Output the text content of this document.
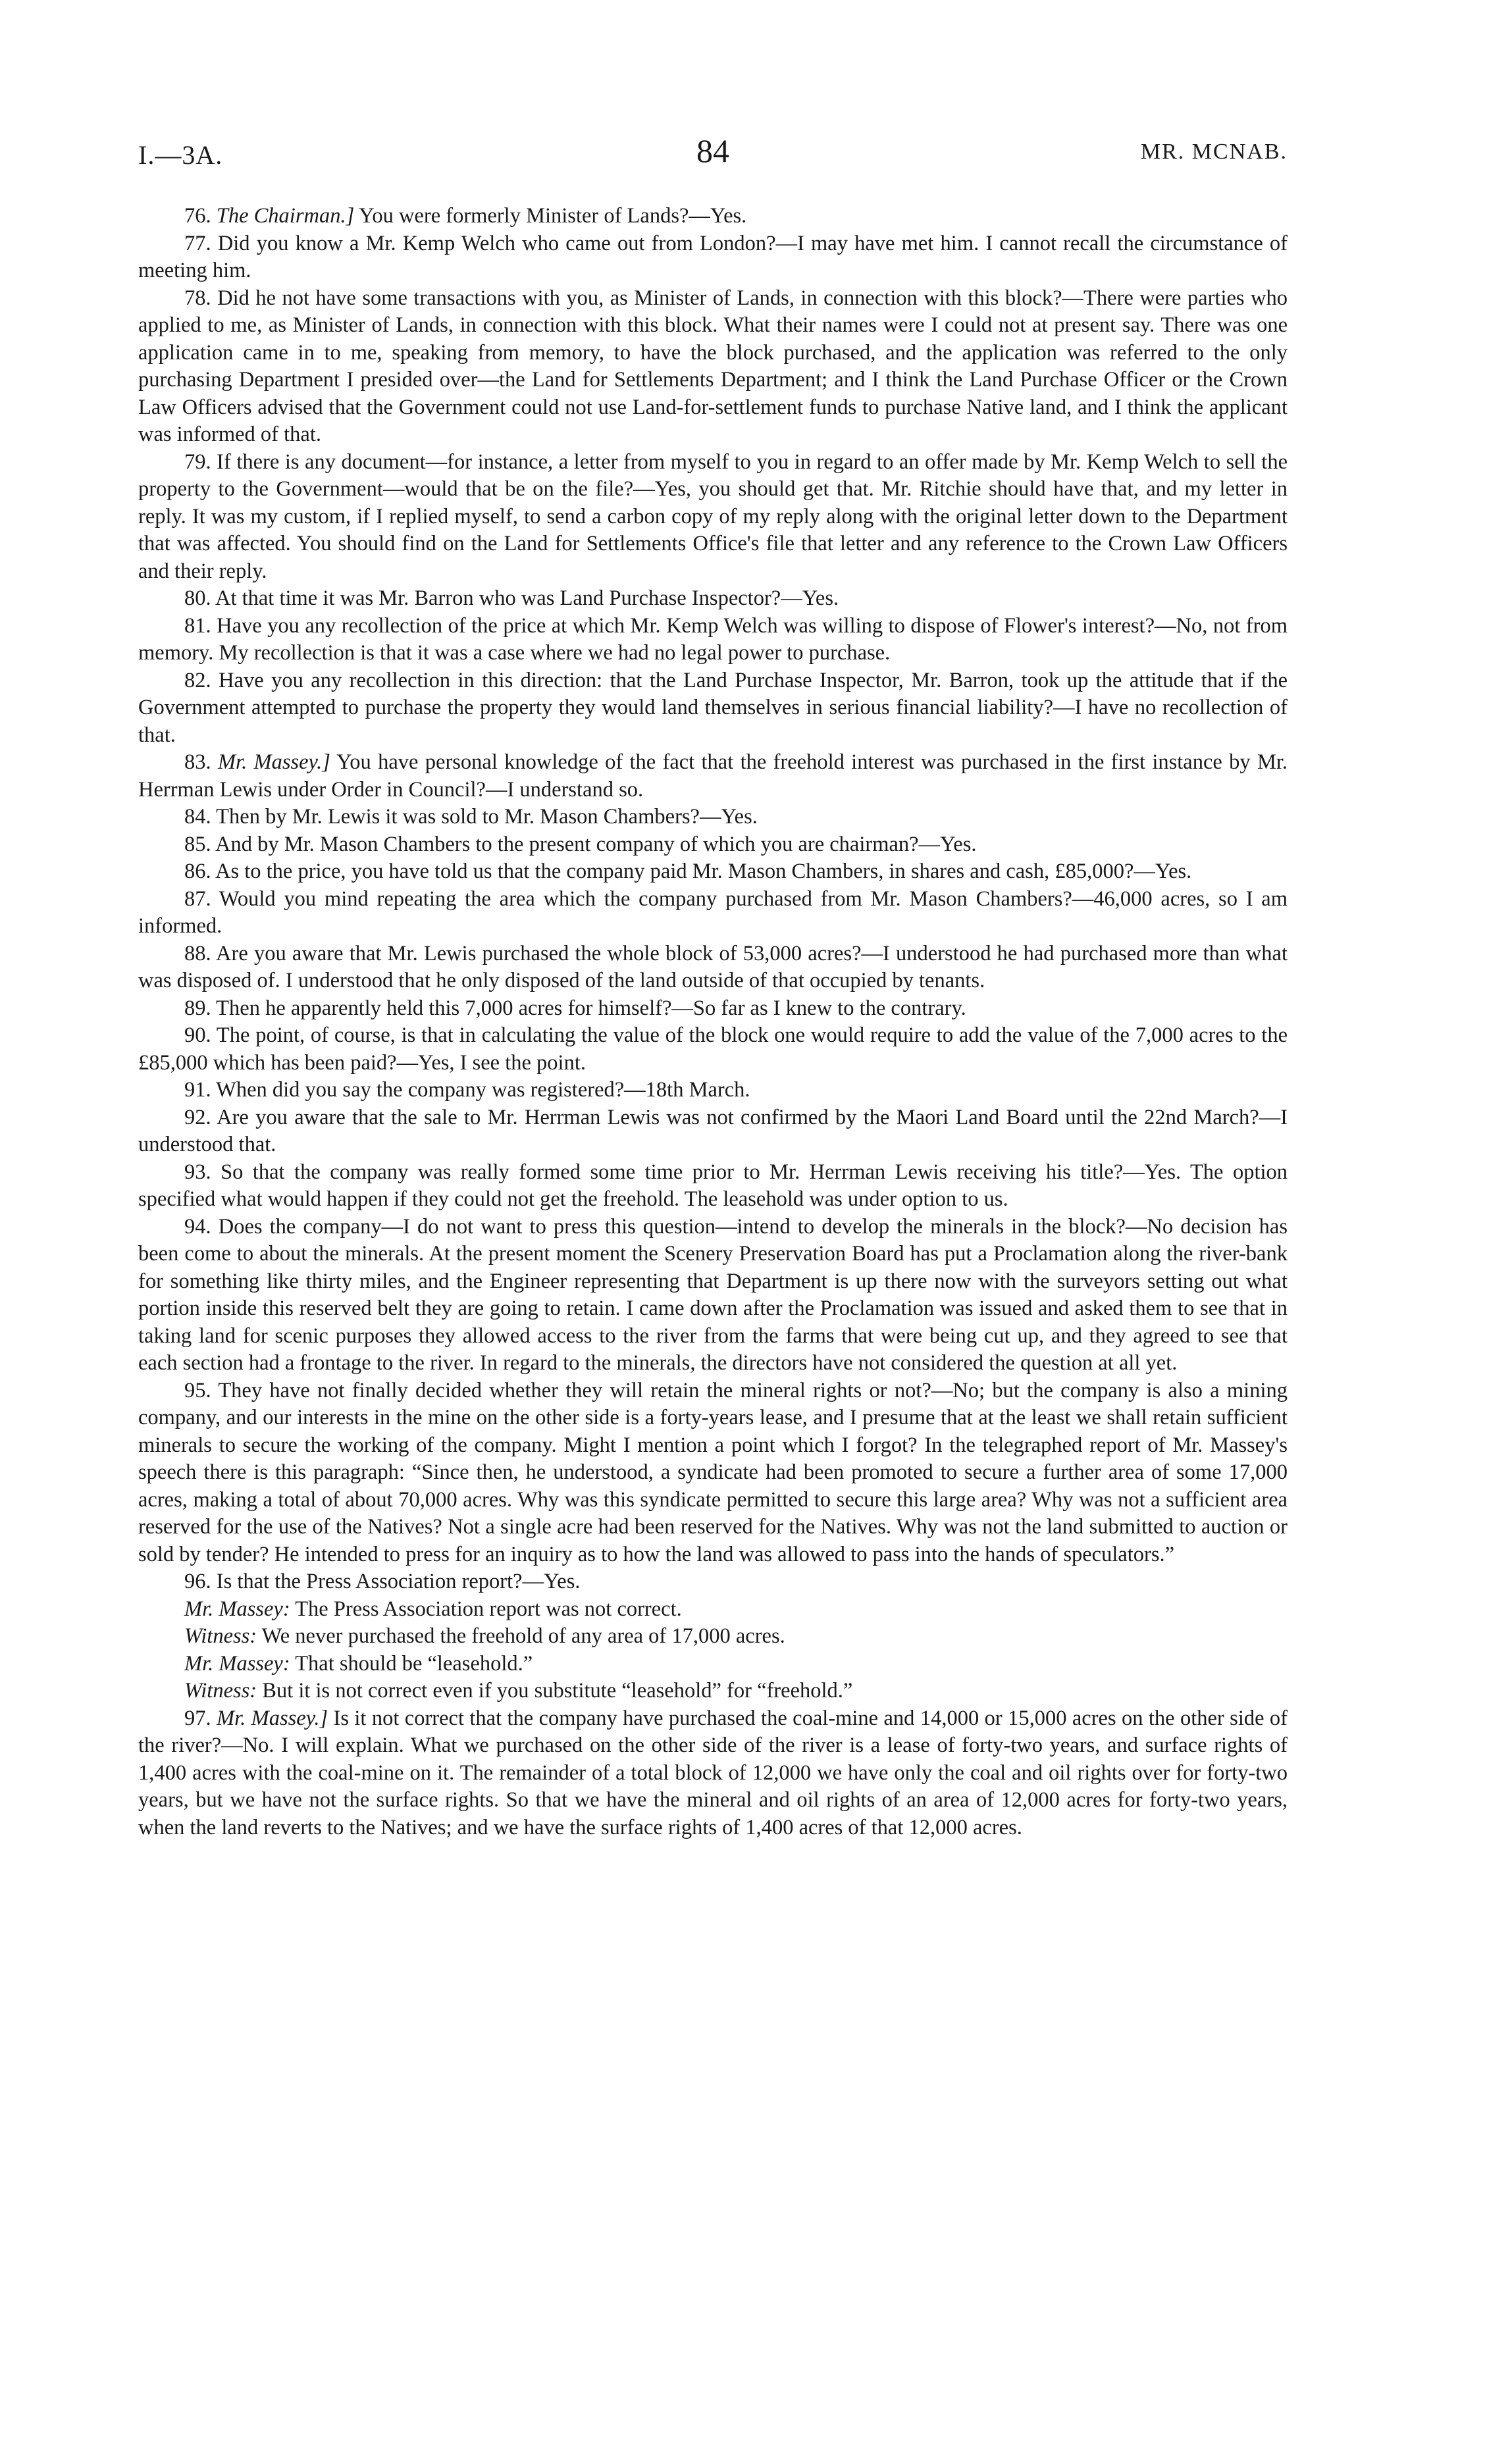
I.—3A.	84	MR. MCNAB.

76. The Chairman.] You were formerly Minister of Lands?—Yes.

77. Did you know a Mr. Kemp Welch who came out from London?—I may have met him. I cannot recall the circumstance of meeting him.

78. Did he not have some transactions with you, as Minister of Lands, in connection with this block?—There were parties who applied to me, as Minister of Lands, in connection with this block. What their names were I could not at present say. There was one application came in to me, speaking from memory, to have the block purchased, and the application was referred to the only purchasing Department I presided over—the Land for Settlements Department; and I think the Land Purchase Officer or the Crown Law Officers advised that the Government could not use Land-for-settlement funds to purchase Native land, and I think the applicant was informed of that.

79. If there is any document—for instance, a letter from myself to you in regard to an offer made by Mr. Kemp Welch to sell the property to the Government—would that be on the file?—Yes, you should get that. Mr. Ritchie should have that, and my letter in reply. It was my custom, if I replied myself, to send a carbon copy of my reply along with the original letter down to the Department that was affected. You should find on the Land for Settlements Office's file that letter and any reference to the Crown Law Officers and their reply.

80. At that time it was Mr. Barron who was Land Purchase Inspector?—Yes.

81. Have you any recollection of the price at which Mr. Kemp Welch was willing to dispose of Flower's interest?—No, not from memory. My recollection is that it was a case where we had no legal power to purchase.

82. Have you any recollection in this direction: that the Land Purchase Inspector, Mr. Barron, took up the attitude that if the Government attempted to purchase the property they would land themselves in serious financial liability?—I have no recollection of that.

83. Mr. Massey.] You have personal knowledge of the fact that the freehold interest was purchased in the first instance by Mr. Herrman Lewis under Order in Council?—I understand so.

84. Then by Mr. Lewis it was sold to Mr. Mason Chambers?—Yes.

85. And by Mr. Mason Chambers to the present company of which you are chairman?—Yes.

86. As to the price, you have told us that the company paid Mr. Mason Chambers, in shares and cash, £85,000?—Yes.

87. Would you mind repeating the area which the company purchased from Mr. Mason Chambers?—46,000 acres, so I am informed.

88. Are you aware that Mr. Lewis purchased the whole block of 53,000 acres?—I understood he had purchased more than what was disposed of. I understood that he only disposed of the land outside of that occupied by tenants.

89. Then he apparently held this 7,000 acres for himself?—So far as I knew to the contrary.

90. The point, of course, is that in calculating the value of the block one would require to add the value of the 7,000 acres to the £85,000 which has been paid?—Yes, I see the point.

91. When did you say the company was registered?—18th March.

92. Are you aware that the sale to Mr. Herrman Lewis was not confirmed by the Maori Land Board until the 22nd March?—I understood that.

93. So that the company was really formed some time prior to Mr. Herrman Lewis receiving his title?—Yes. The option specified what would happen if they could not get the freehold. The leasehold was under option to us.

94. Does the company—I do not want to press this question—intend to develop the minerals in the block?—No decision has been come to about the minerals. At the present moment the Scenery Preservation Board has put a Proclamation along the river-bank for something like thirty miles, and the Engineer representing that Department is up there now with the surveyors setting out what portion inside this reserved belt they are going to retain. I came down after the Proclamation was issued and asked them to see that in taking land for scenic purposes they allowed access to the river from the farms that were being cut up, and they agreed to see that each section had a frontage to the river. In regard to the minerals, the directors have not considered the question at all yet.

95. They have not finally decided whether they will retain the mineral rights or not?—No; but the company is also a mining company, and our interests in the mine on the other side is a forty-years lease, and I presume that at the least we shall retain sufficient minerals to secure the working of the company. Might I mention a point which I forgot? In the telegraphed report of Mr. Massey's speech there is this paragraph: “Since then, he understood, a syndicate had been promoted to secure a further area of some 17,000 acres, making a total of about 70,000 acres. Why was this syndicate permitted to secure this large area? Why was not a sufficient area reserved for the use of the Natives? Not a single acre had been reserved for the Natives. Why was not the land submitted to auction or sold by tender? He intended to press for an inquiry as to how the land was allowed to pass into the hands of speculators.”

96. Is that the Press Association report?—Yes.

Mr. Massey: The Press Association report was not correct.

Witness: We never purchased the freehold of any area of 17,000 acres.

Mr. Massey: That should be “leasehold.”

Witness: But it is not correct even if you substitute “leasehold” for “freehold.”

97. Mr. Massey.] Is it not correct that the company have purchased the coal-mine and 14,000 or 15,000 acres on the other side of the river?—No. I will explain. What we purchased on the other side of the river is a lease of forty-two years, and surface rights of 1,400 acres with the coal-mine on it. The remainder of a total block of 12,000 we have only the coal and oil rights over for forty-two years, but we have not the surface rights. So that we have the mineral and oil rights of an area of 12,000 acres for forty-two years, when the land reverts to the Natives; and we have the surface rights of 1,400 acres of that 12,000 acres.
